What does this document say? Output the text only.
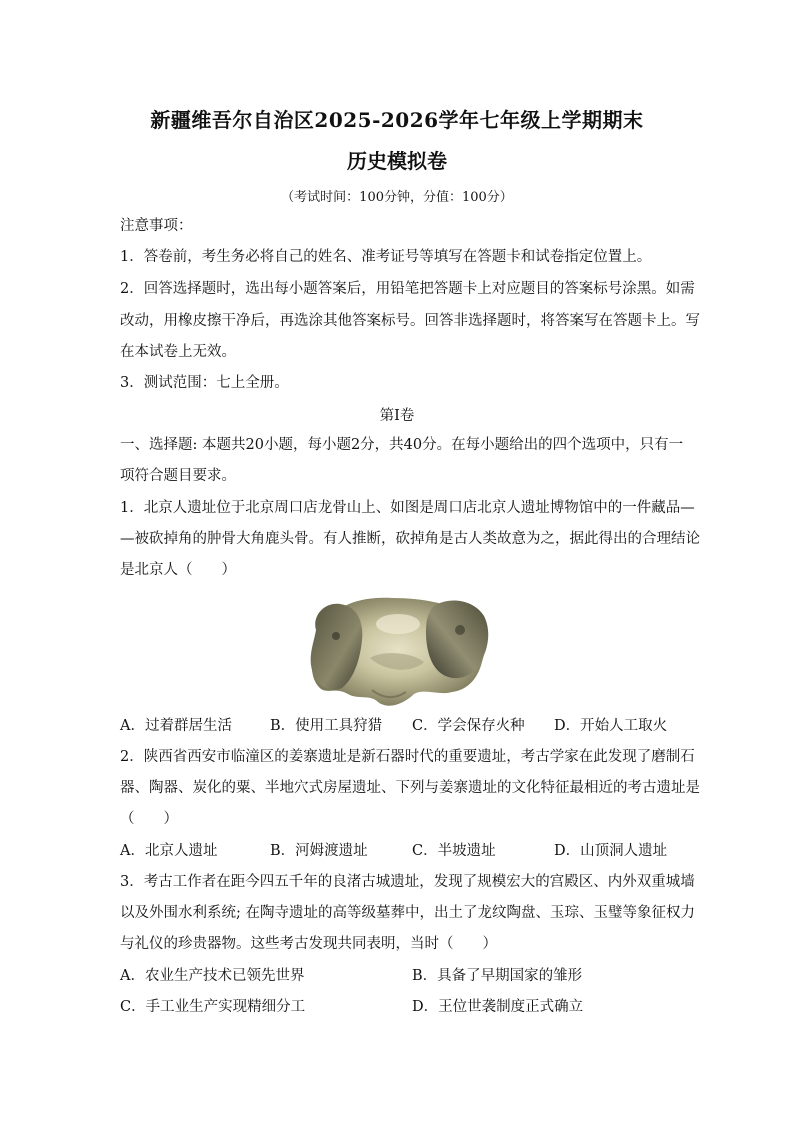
新疆维吾尔自治区2025-2026学年七年级上学期期末
历史模拟卷
（考试时间：100分钟，分值：100分）
注意事项：
1．答卷前，考生务必将自己的姓名、准考证号等填写在答题卡和试卷指定位置上。
2．回答选择题时，选出每小题答案后，用铅笔把答题卡上对应题目的答案标号涂黑。如需
改动，用橡皮擦干净后，再选涂其他答案标号。回答非选择题时，将答案写在答题卡上。写
在本试卷上无效。
3．测试范围：七上全册。
第Ⅰ卷
一、选择题: 本题共20小题，每小题2分，共40分。在每小题给出的四个选项中，只有一
项符合题目要求。
1．北京人遗址位于北京周口店龙骨山上、如图是周口店北京人遗址博物馆中的一件藏品—
—被砍掉角的肿骨大角鹿头骨。有人推断，砍掉角是古人类故意为之，据此得出的合理结论
是北京人（　　）
A．过着群居生活	B．使用工具狩猎 C．学会保存火种 D．开始人工取火
2．陕西省西安市临潼区的姜寨遗址是新石器时代的重要遗址，考古学家在此发现了磨制石
器、陶器、炭化的粟、半地穴式房屋遗址、下列与姜寨遗址的文化特征最相近的考古遗址是
（　　）
A．北京人遗址	B．河姆渡遗址	C．半坡遗址	D．山顶洞人遗址
3．考古工作者在距今四五千年的良渚古城遗址，发现了规模宏大的宫殿区、内外双重城墙
以及外围水利系统; 在陶寺遗址的高等级墓葬中，出土了龙纹陶盘、玉琮、玉璧等象征权力
与礼仪的珍贵器物。这些考古发现共同表明，当时（　　）
A．农业生产技术已领先世界	B．具备了早期国家的雏形
C．手工业生产实现精细分工	D．王位世袭制度正式确立
